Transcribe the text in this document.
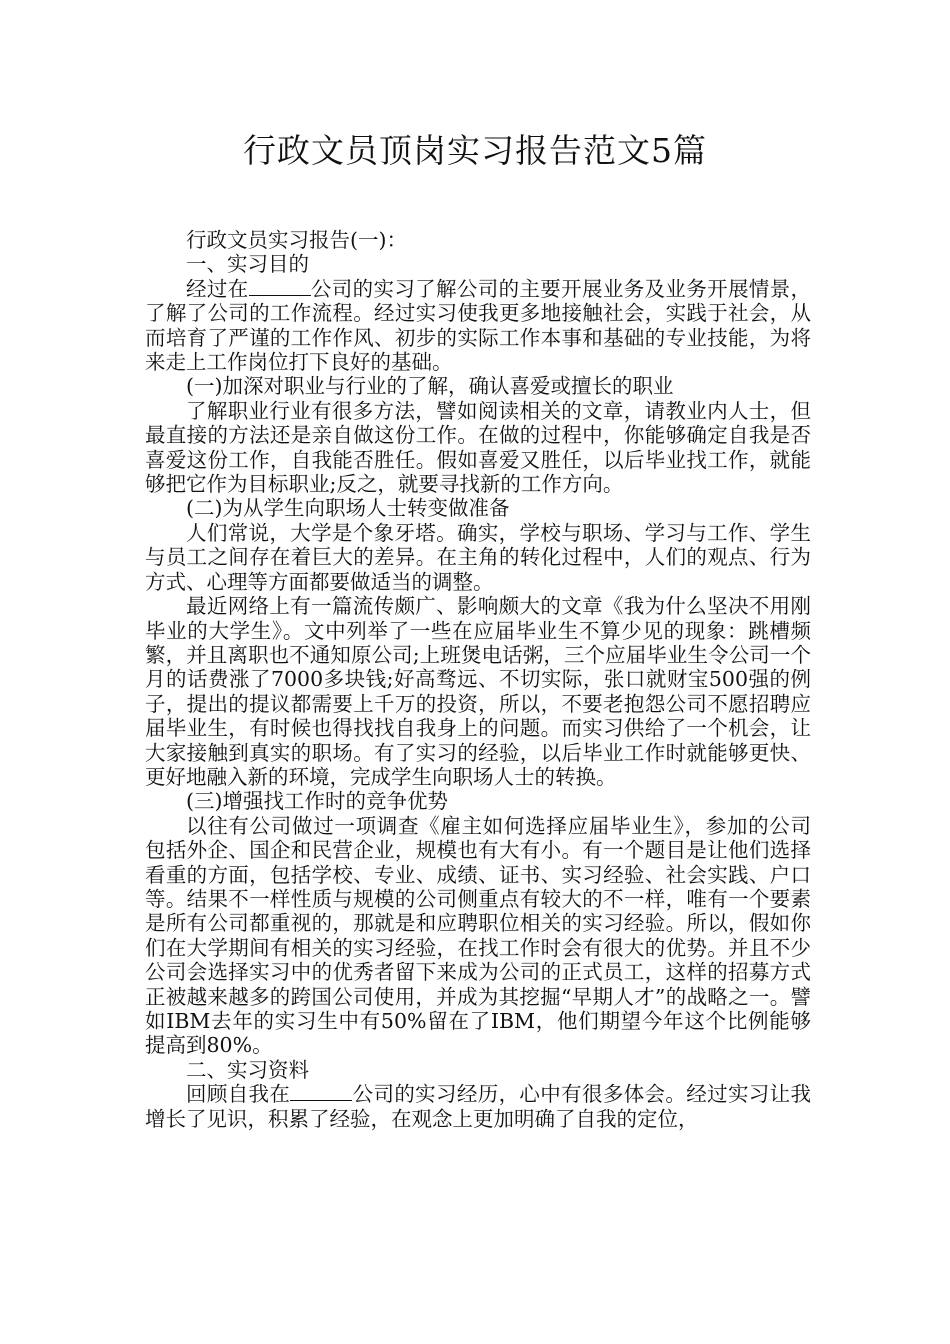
行政文员顶岗实习报告范文5篇

行政文员实习报告(一)：

一、实习目的

经过在	公司的实习了解公司的主要开展业务及业务开展情景，了解了公司的工作流程。经过实习使我更多地接触社会，实践于社会，从而培育了严谨的工作作风、初步的实际工作本事和基础的专业技能，为将来走上工作岗位打下良好的基础。

(一)加深对职业与行业的了解，确认喜爱或擅长的职业

了解职业行业有很多方法，譬如阅读相关的文章，请教业内人士，但最直接的方法还是亲自做这份工作。在做的过程中，你能够确定自我是否喜爱这份工作，自我能否胜任。假如喜爱又胜任，以后毕业找工作，就能够把它作为目标职业;反之，就要寻找新的工作方向。

(二)为从学生向职场人士转变做准备

人们常说，大学是个象牙塔。确实，学校与职场、学习与工作、学生与员工之间存在着巨大的差异。在主角的转化过程中，人们的观点、行为方式、心理等方面都要做适当的调整。

最近网络上有一篇流传颇广、影响颇大的文章《我为什么坚决不用刚毕业的大学生》。文中列举了一些在应届毕业生不算少见的现象：跳槽频繁，并且离职也不通知原公司;上班煲电话粥，三个应届毕业生令公司一个月的话费涨了7000多块钱;好高骛远、不切实际，张口就财宝500强的例子，提出的提议都需要上千万的投资，所以，不要老抱怨公司不愿招聘应届毕业生，有时候也得找找自我身上的问题。而实习供给了一个机会，让大家接触到真实的职场。有了实习的经验，以后毕业工作时就能够更快、更好地融入新的环境，完成学生向职场人士的转换。

(三)增强找工作时的竞争优势

以往有公司做过一项调查《雇主如何选择应届毕业生》，参加的公司包括外企、国企和民营企业，规模也有大有小。有一个题目是让他们选择看重的方面，包括学校、专业、成绩、证书、实习经验、社会实践、户口等。结果不一样性质与规模的公司侧重点有较大的不一样，唯有一个要素是所有公司都重视的，那就是和应聘职位相关的实习经验。所以，假如你们在大学期间有相关的实习经验，在找工作时会有很大的优势。并且不少公司会选择实习中的优秀者留下来成为公司的正式员工，这样的招募方式正被越来越多的跨国公司使用，并成为其挖掘“早期人才”的战略之一。譬如IBM去年的实习生中有50%留在了IBM，他们期望今年这个比例能够提高到80%。

二、实习资料

回顾自我在	公司的实习经历，心中有很多体会。经过实习让我增长了见识，积累了经验，在观念上更加明确了自我的定位，
